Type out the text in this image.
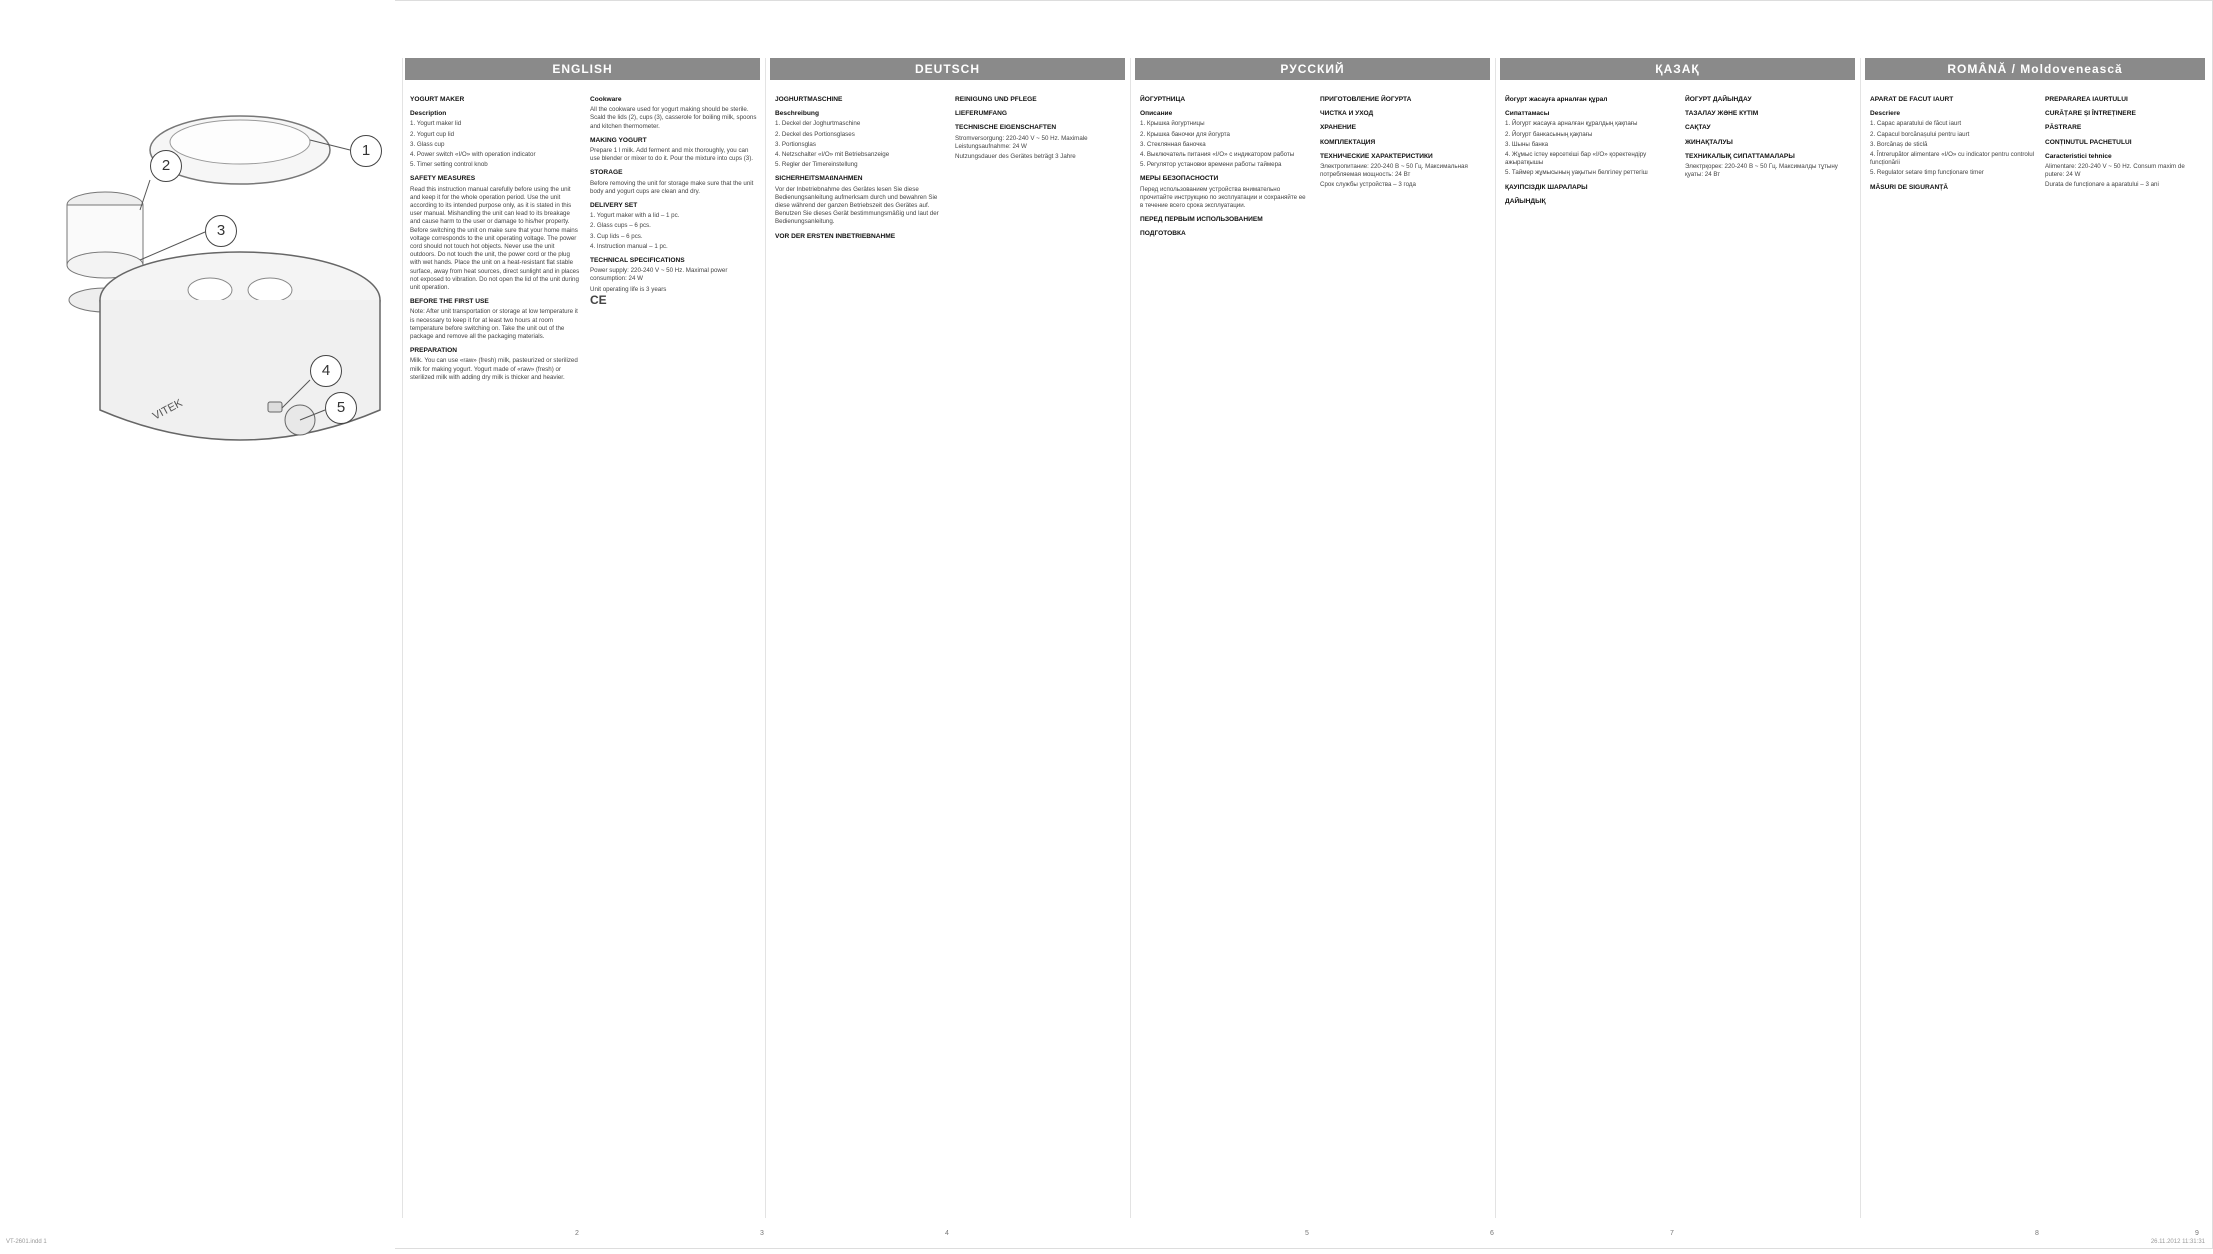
VITEK
1
2
3
4
5
ENGLISH	DEUTSCH	РУССКИЙ	ҚАЗАҚ	ROMÂNĂ / Moldovenească
YOGURT MAKER
Description

1. Yogurt maker lid

2. Yogurt cup lid

3. Glass cup

4. Power switch «I/O» with operation indicator

5. Timer setting control knob

SAFETY MEASURES

Read this instruction manual carefully before using the unit and keep it for the whole operation period. Use the unit according to its intended purpose only, as it is stated in this user manual. Mishandling the unit can lead to its breakage and cause harm to the user or damage to his/her property. Before switching the unit on make sure that your home mains voltage corresponds to the unit operating voltage. The power cord should not touch hot objects. Never use the unit outdoors. Do not touch the unit, the power cord or the plug with wet hands. Place the unit on a heat-resistant flat stable surface, away from heat sources, direct sunlight and in places not exposed to vibration. Do not open the lid of the unit during unit operation.

BEFORE THE FIRST USE

Note: After unit transportation or storage at low temperature it is necessary to keep it for at least two hours at room temperature before switching on. Take the unit out of the package and remove all the packaging materials.

PREPARATION

Milk. You can use «raw» (fresh) milk, pasteurized or sterilized milk for making yogurt. Yogurt made of «raw» (fresh) or sterilized milk with adding dry milk is thicker and heavier.

Cookware

All the cookware used for yogurt making should be sterile. Scald the lids (2), cups (3), casserole for boiling milk, spoons and kitchen thermometer.

MAKING YOGURT

Prepare 1 l milk. Add ferment and mix thoroughly, you can use blender or mixer to do it. Pour the mixture into cups (3).

STORAGE

Before removing the unit for storage make sure that the unit body and yogurt cups are clean and dry.

DELIVERY SET

1. Yogurt maker with a lid – 1 pc.

2. Glass cups – 6 pcs.

3. Cup lids – 6 pcs.

4. Instruction manual – 1 pc.

TECHNICAL SPECIFICATIONS

Power supply: 220-240 V ~ 50 Hz. Maximal power consumption: 24 W

Unit operating life is 3 years

CE

JOGHURTMASCHINE
Beschreibung

1. Deckel der Joghurtmaschine

2. Deckel des Portionsglases

3. Portionsglas

4. Netzschalter «I/O» mit Betriebsanzeige

5. Regler der Timereinstellung

SICHERHEITSMAßNAHMEN

Vor der Inbetriebnahme des Gerätes lesen Sie diese Bedienungsanleitung aufmerksam durch und bewahren Sie diese während der ganzen Betriebszeit des Gerätes auf. Benutzen Sie dieses Gerät bestimmungsmäßig und laut der Bedienungsanleitung.

VOR DER ERSTEN INBETRIEBNAHME
REINIGUNG UND PFLEGE
LIEFERUMFANG
TECHNISCHE EIGENSCHAFTEN

Stromversorgung: 220-240 V ~ 50 Hz. Maximale Leistungsaufnahme: 24 W

Nutzungsdauer des Gerätes beträgt 3 Jahre

ЙОГУРТНИЦА
Описание

1. Крышка йогуртницы

2. Крышка баночки для йогурта

3. Стеклянная баночка

4. Выключатель питания «I/O» с индикатором работы

5. Регулятор установки времени работы таймера

МЕРЫ БЕЗОПАСНОСТИ

Перед использованием устройства внимательно прочитайте инструкцию по эксплуатации и сохраняйте ее в течение всего срока эксплуатации.

ПЕРЕД ПЕРВЫМ ИСПОЛЬЗОВАНИЕМ
ПОДГОТОВКА
ПРИГОТОВЛЕНИЕ ЙОГУРТА
ЧИСТКА И УХОД
ХРАНЕНИЕ
КОМПЛЕКТАЦИЯ
ТЕХНИЧЕСКИЕ ХАРАКТЕРИСТИКИ

Электропитание: 220-240 В ~ 50 Гц. Максимальная потребляемая мощность: 24 Вт

Срок службы устройства – 3 года

Йогурт жасауға арналған құрал
Сипаттамасы

1. Йогурт жасауға арналған құралдың қақпағы

2. Йогурт банкасының қақпағы

3. Шыны банка

4. Жұмыс істеу көрсеткішi бар «I/O» қоректендiру ажыратқышы

5. Таймер жұмысының уақытын белгілеу реттегіш

ҚАУІПСІЗДІК ШАРАЛАРЫ
ДАЙЫНДЫҚ
ЙОГУРТ ДАЙЫНДАУ
ТАЗАЛАУ ЖӘНЕ КҮТІМ
САҚТАУ
ЖИНАҚТАЛУЫ
ТЕХНИКАЛЫҚ СИПАТТАМАЛАРЫ

Электрқорек: 220-240 В ~ 50 Гц. Максималды тұтыну қуаты: 24 Вт

APARAT DE FACUT IAURT
Descriere

1. Capac aparatului de făcut iaurt

2. Capacul borcănașului pentru iaurt

3. Borcănaș de sticlă

4. Întrerupător alimentare «I/O» cu indicator pentru controlul funcționării

5. Regulator setare timp funcționare timer

MĂSURI DE SIGURANȚĂ
PREPARAREA IAURTULUI
CURĂȚARE ȘI ÎNTREȚINERE
PĂSTRARE
CONȚINUTUL PACHETULUI
Caracteristici tehnice

Alimentare: 220-240 V ~ 50 Hz. Consum maxim de putere: 24 W

Durata de funcționare a aparatului – 3 ani

2	3	4	5	6	7	8	9
VT-2601.indd 1	26.11.2012 11:31:31
